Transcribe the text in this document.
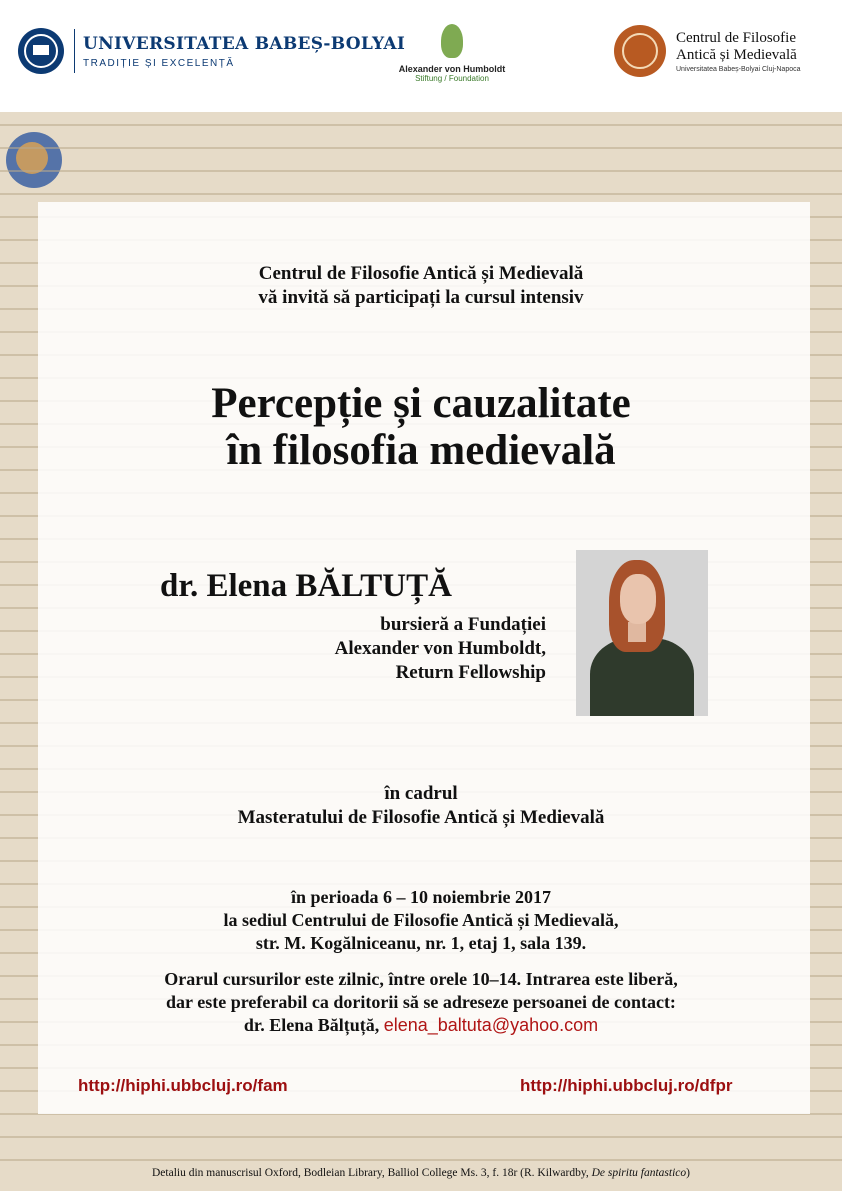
UNIVERSITATEA BABEȘ-BOLYAI
TRADIȚIE ȘI EXCELENȚĂ
Alexander von Humboldt
Stiftung / Foundation
Centrul de Filosofie
Antică și Medievală
Universitatea Babeș-Bolyai Cluj-Napoca
Centrul de Filosofie Antică și Medievală
vă invită să participați la cursul intensiv
Percepție și cauzalitate
în filosofia medievală
dr. Elena BĂLTUȚĂ
bursieră a Fundației
Alexander von Humboldt,
Return Fellowship
în cadrul
Masteratului de Filosofie Antică și Medievală
în perioada 6 – 10 noiembrie 2017
la sediul Centrului de Filosofie Antică și Medievală,
str. M. Kogălniceanu, nr. 1, etaj 1, sala 139.
Orarul cursurilor este zilnic, între orele 10–14. Intrarea este liberă,
dar este preferabil ca doritorii să se adreseze persoanei de contact:
dr. Elena Bălțuță, elena_baltuta@yahoo.com
http://hiphi.ubbcluj.ro/fam	http://hiphi.ubbcluj.ro/dfpr
Detaliu din manuscrisul Oxford, Bodleian Library, Balliol College Ms. 3, f. 18r (R. Kilwardby, De spiritu fantastico)
